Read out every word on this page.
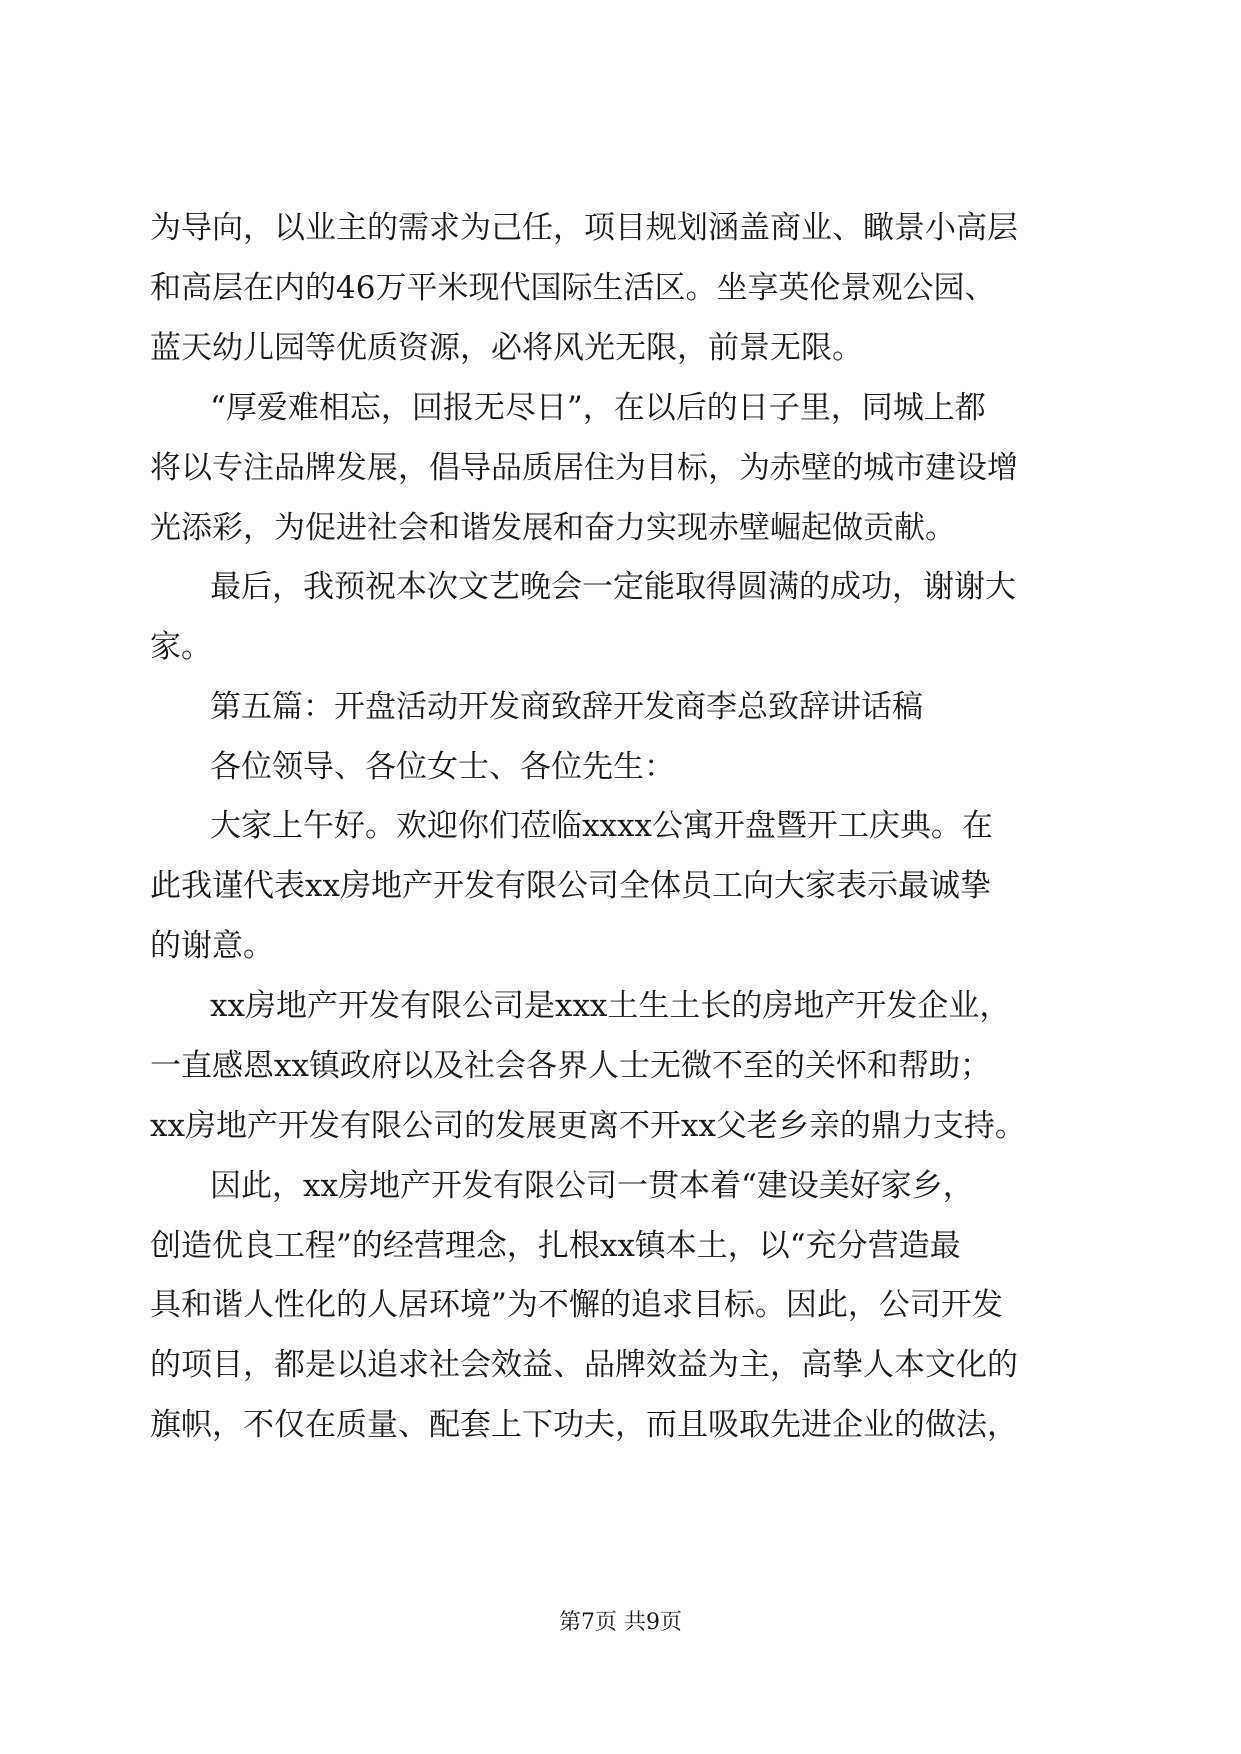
为导向，以业主的需求为己任，项目规划涵盖商业、瞰景小高层
和高层在内的46万平米现代国际生活区。坐享英伦景观公园、
蓝天幼儿园等优质资源，必将风光无限，前景无限。
“厚爱难相忘，回报无尽日”，在以后的日子里，同城上都
将以专注品牌发展，倡导品质居住为目标，为赤壁的城市建设增
光添彩，为促进社会和谐发展和奋力实现赤壁崛起做贡献。
最后，我预祝本次文艺晚会一定能取得圆满的成功，谢谢大
家。
第五篇：开盘活动开发商致辞开发商李总致辞讲话稿
各位领导、各位女士、各位先生：
大家上午好。欢迎你们莅临xxxx公寓开盘暨开工庆典。在
此我谨代表xx房地产开发有限公司全体员工向大家表示最诚挚
的谢意。
xx房地产开发有限公司是xxx土生土长的房地产开发企业，
一直感恩xx镇政府以及社会各界人士无微不至的关怀和帮助；
xx房地产开发有限公司的发展更离不开xx父老乡亲的鼎力支持。
因此，xx房地产开发有限公司一贯本着“建设美好家乡，
创造优良工程”的经营理念，扎根xx镇本土，以“充分营造最
具和谐人性化的人居环境”为不懈的追求目标。因此，公司开发
的项目，都是以追求社会效益、品牌效益为主，高挚人本文化的
旗帜，不仅在质量、配套上下功夫，而且吸取先进企业的做法，
第7页 共9页
